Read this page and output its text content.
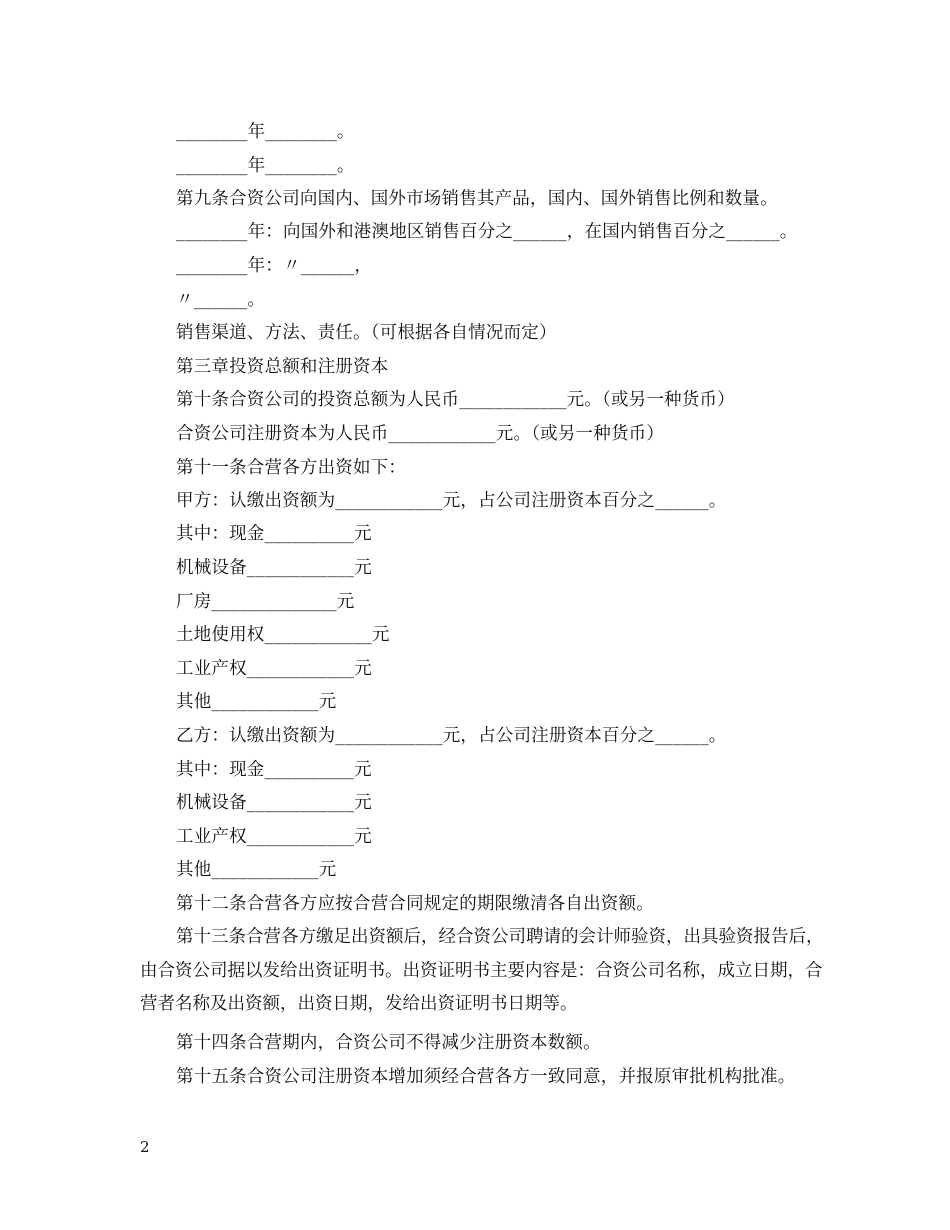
________年________。
________年________。
第九条合资公司向国内、国外市场销售其产品，国内、国外销售比例和数量。
________年：向国外和港澳地区销售百分之______，在国内销售百分之______。
________年：〃______，
〃______。
销售渠道、方法、责任。（可根据各自情况而定）
第三章投资总额和注册资本
第十条合资公司的投资总额为人民币____________元。（或另一种货币）
合资公司注册资本为人民币____________元。（或另一种货币）
第十一条合营各方出资如下：
甲方：认缴出资额为____________元，占公司注册资本百分之______。
其中：现金__________元
机械设备____________元
厂房______________元
土地使用权____________元
工业产权____________元
其他____________元
乙方：认缴出资额为____________元，占公司注册资本百分之______。
其中：现金__________元
机械设备____________元
工业产权____________元
其他____________元
第十二条合营各方应按合营合同规定的期限缴清各自出资额。

第十三条合营各方缴足出资额后，经合资公司聘请的会计师验资，出具验资报告后，由合资公司据以发给出资证明书。出资证明书主要内容是：合资公司名称，成立日期，合营者名称及出资额，出资日期，发给出资证明书日期等。

第十四条合营期内，合资公司不得减少注册资本数额。
第十五条合资公司注册资本增加须经合营各方一致同意，并报原审批机构批准。
2
